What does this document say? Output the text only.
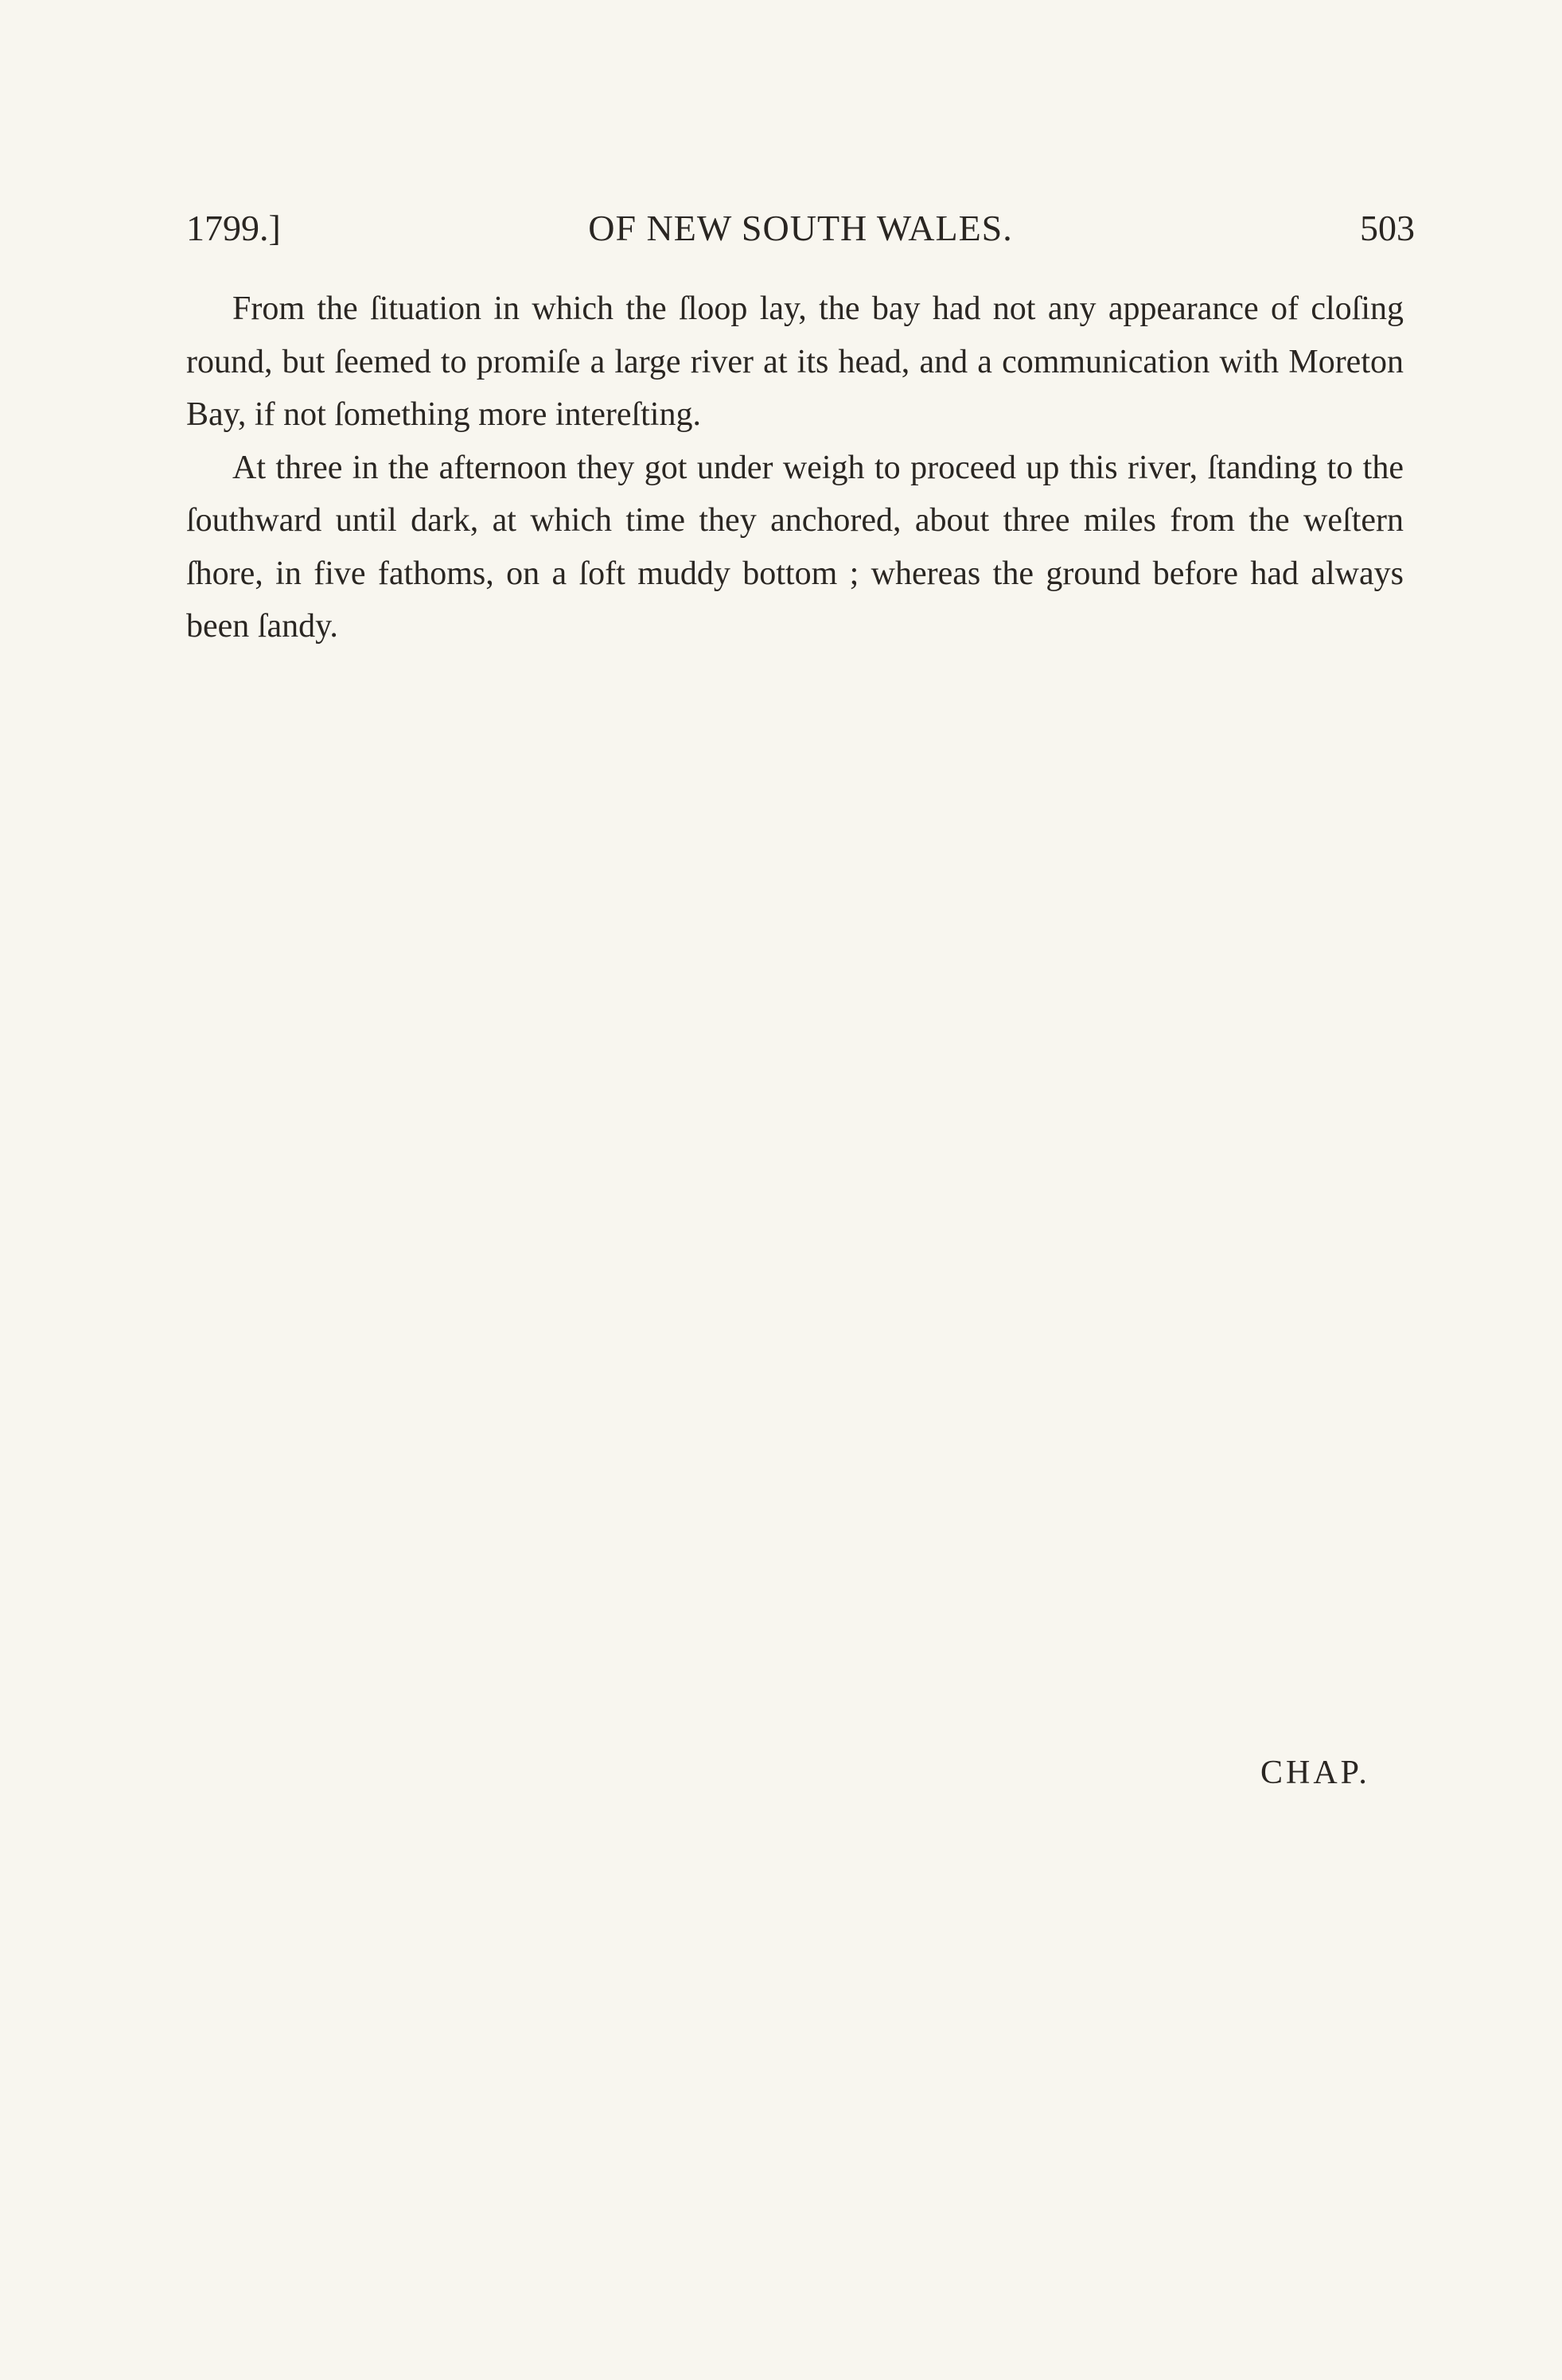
1799.]	OF NEW SOUTH WALES.	503

From the ſituation in which the ſloop lay, the bay had not any appearance of cloſing round, but ſeemed to promiſe a large river at its head, and a communication with Moreton Bay, if not ſomething more intereſting.

At three in the afternoon they got under weigh to proceed up this river, ſtanding to the ſouthward until dark, at which time they anchored, about three miles from the weſtern ſhore, in five fathoms, on a ſoft muddy bottom ; whereas the ground before had always been ſandy.

CHAP.
